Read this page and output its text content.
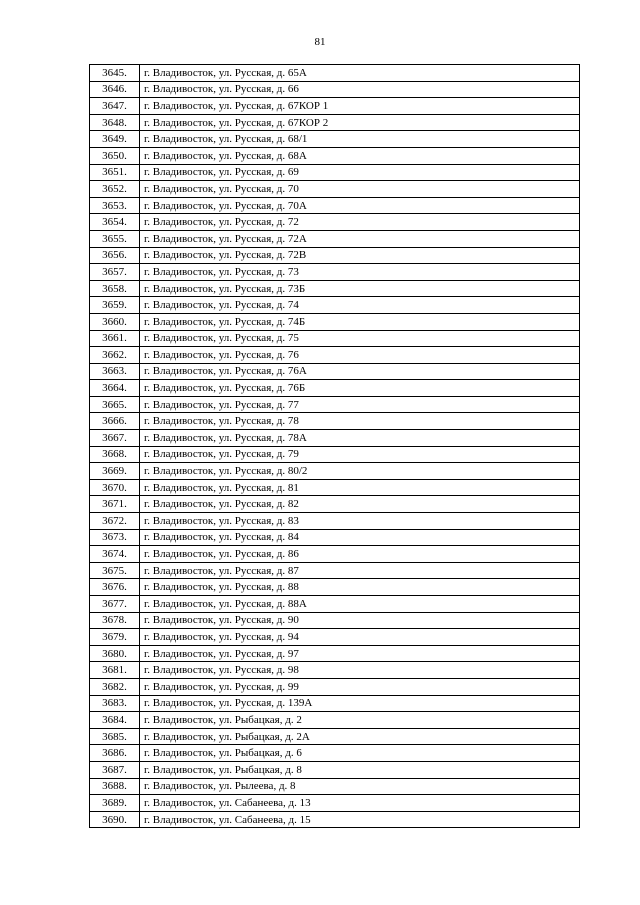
81
3645.	г. Владивосток, ул. Русская, д. 65А
3646.	г. Владивосток, ул. Русская, д. 66
3647.	г. Владивосток, ул. Русская, д. 67КОР 1
3648.	г. Владивосток, ул. Русская, д. 67КОР 2
3649.	г. Владивосток, ул. Русская, д. 68/1
3650.	г. Владивосток, ул. Русская, д. 68А
3651.	г. Владивосток, ул. Русская, д. 69
3652.	г. Владивосток, ул. Русская, д. 70
3653.	г. Владивосток, ул. Русская, д. 70А
3654.	г. Владивосток, ул. Русская, д. 72
3655.	г. Владивосток, ул. Русская, д. 72А
3656.	г. Владивосток, ул. Русская, д. 72В
3657.	г. Владивосток, ул. Русская, д. 73
3658.	г. Владивосток, ул. Русская, д. 73Б
3659.	г. Владивосток, ул. Русская, д. 74
3660.	г. Владивосток, ул. Русская, д. 74Б
3661.	г. Владивосток, ул. Русская, д. 75
3662.	г. Владивосток, ул. Русская, д. 76
3663.	г. Владивосток, ул. Русская, д. 76А
3664.	г. Владивосток, ул. Русская, д. 76Б
3665.	г. Владивосток, ул. Русская, д. 77
3666.	г. Владивосток, ул. Русская, д. 78
3667.	г. Владивосток, ул. Русская, д. 78А
3668.	г. Владивосток, ул. Русская, д. 79
3669.	г. Владивосток, ул. Русская, д. 80/2
3670.	г. Владивосток, ул. Русская, д. 81
3671.	г. Владивосток, ул. Русская, д. 82
3672.	г. Владивосток, ул. Русская, д. 83
3673.	г. Владивосток, ул. Русская, д. 84
3674.	г. Владивосток, ул. Русская, д. 86
3675.	г. Владивосток, ул. Русская, д. 87
3676.	г. Владивосток, ул. Русская, д. 88
3677.	г. Владивосток, ул. Русская, д. 88А
3678.	г. Владивосток, ул. Русская, д. 90
3679.	г. Владивосток, ул. Русская, д. 94
3680.	г. Владивосток, ул. Русская, д. 97
3681.	г. Владивосток, ул. Русская, д. 98
3682.	г. Владивосток, ул. Русская, д. 99
3683.	г. Владивосток, ул. Русская, д. 139А
3684.	г. Владивосток, ул. Рыбацкая, д. 2
3685.	г. Владивосток, ул. Рыбацкая, д. 2А
3686.	г. Владивосток, ул. Рыбацкая, д. 6
3687.	г. Владивосток, ул. Рыбацкая, д. 8
3688.	г. Владивосток, ул. Рылеева, д. 8
3689.	г. Владивосток, ул. Сабанеева, д. 13
3690.	г. Владивосток, ул. Сабанеева, д. 15
